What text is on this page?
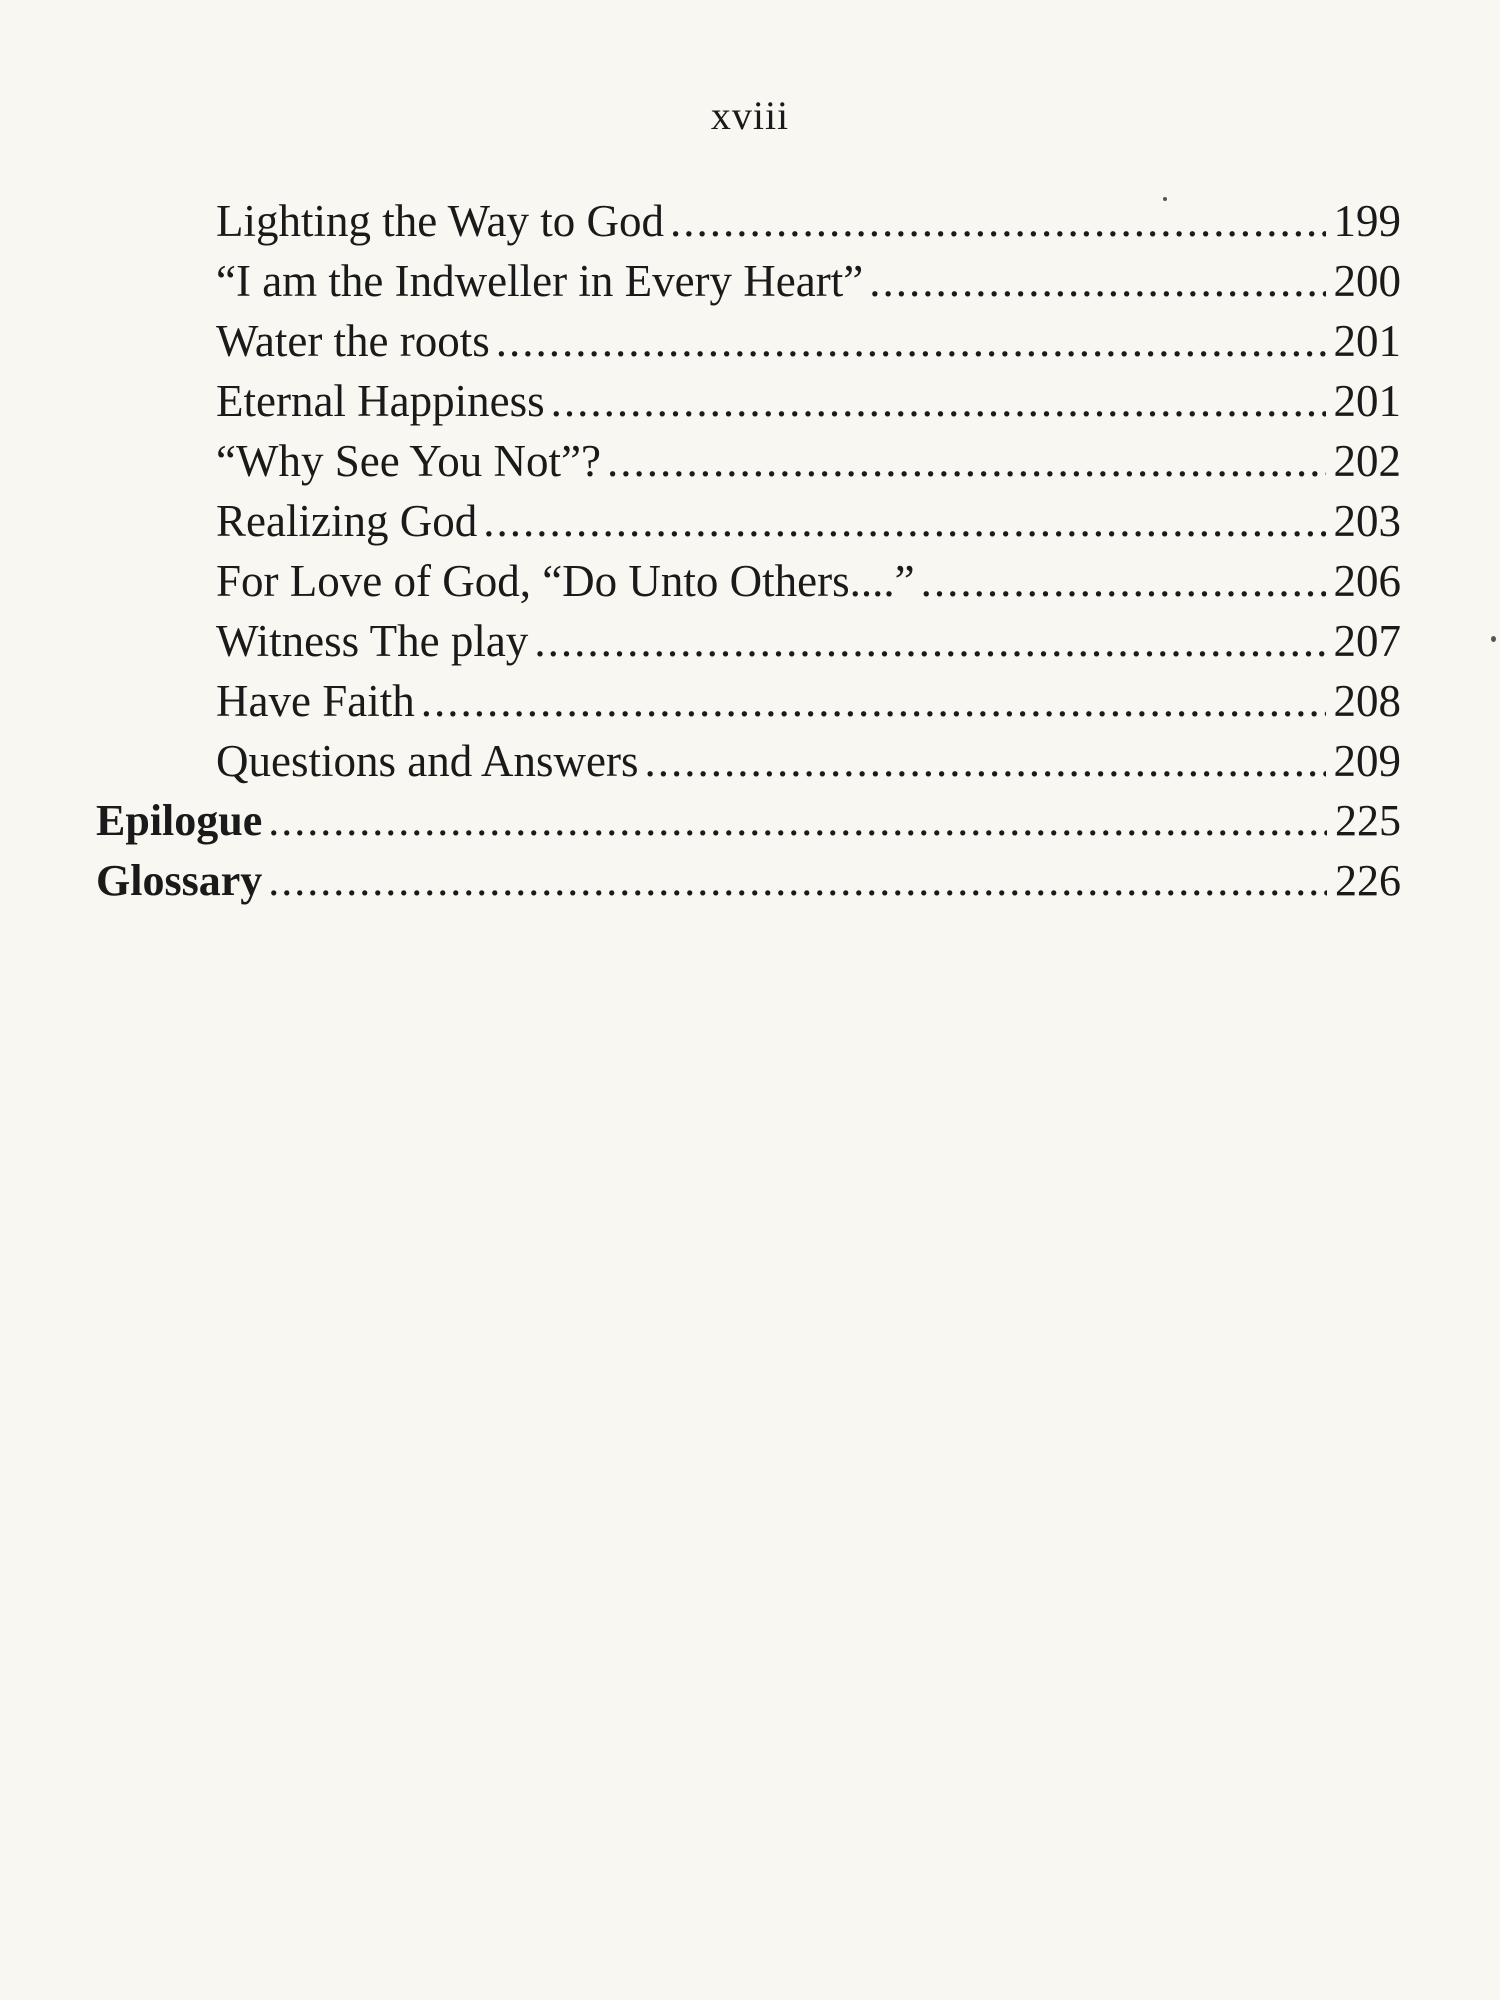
xviii
Lighting the Way to God .....	199
“I am the Indweller in Every Heart” .....	200
Water the roots .....	201
Eternal Happiness .....	201
“Why See You Not”? .....	202
Realizing God .....	203
For Love of God, “Do Unto Others....” .....	206
Witness The play .....	207
Have Faith .....	208
Questions and Answers .....	209
Epilogue .....	225
Glossary .....	226
